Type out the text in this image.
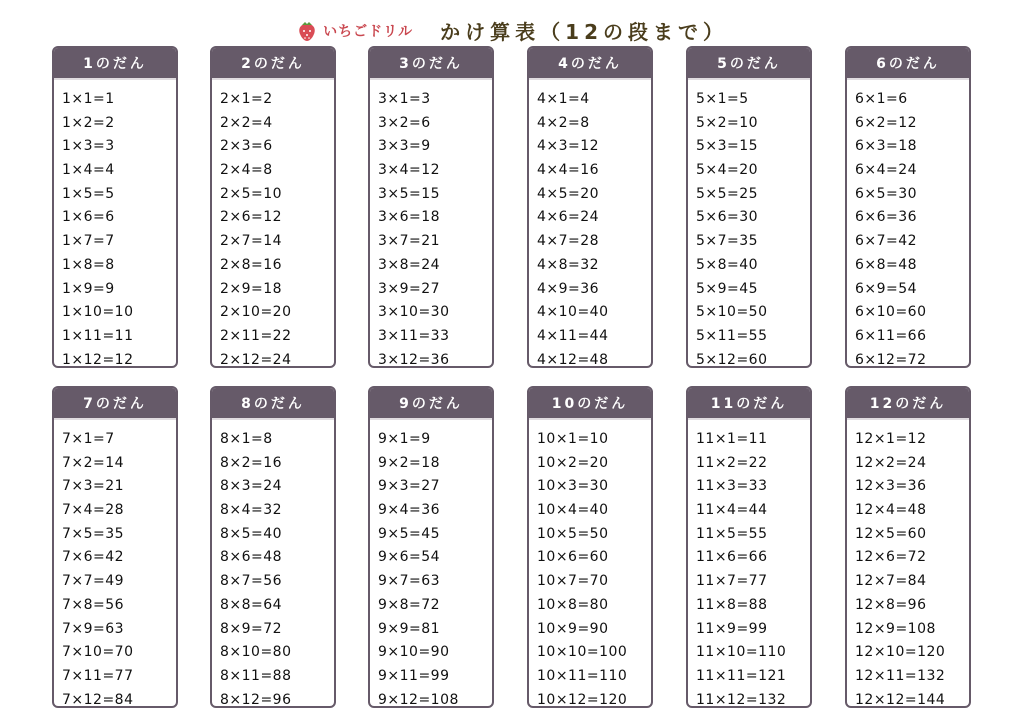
いちごドリル かけ算表（12の段まで）
1のだん
1×1=1
1×2=2
1×3=3
1×4=4
1×5=5
1×6=6
1×7=7
1×8=8
1×9=9
1×10=10
1×11=11
1×12=12
2のだん
2×1=2
2×2=4
2×3=6
2×4=8
2×5=10
2×6=12
2×7=14
2×8=16
2×9=18
2×10=20
2×11=22
2×12=24
3のだん
3×1=3
3×2=6
3×3=9
3×4=12
3×5=15
3×6=18
3×7=21
3×8=24
3×9=27
3×10=30
3×11=33
3×12=36
4のだん
4×1=4
4×2=8
4×3=12
4×4=16
4×5=20
4×6=24
4×7=28
4×8=32
4×9=36
4×10=40
4×11=44
4×12=48
5のだん
5×1=5
5×2=10
5×3=15
5×4=20
5×5=25
5×6=30
5×7=35
5×8=40
5×9=45
5×10=50
5×11=55
5×12=60
6のだん
6×1=6
6×2=12
6×3=18
6×4=24
6×5=30
6×6=36
6×7=42
6×8=48
6×9=54
6×10=60
6×11=66
6×12=72
7のだん
7×1=7
7×2=14
7×3=21
7×4=28
7×5=35
7×6=42
7×7=49
7×8=56
7×9=63
7×10=70
7×11=77
7×12=84
8のだん
8×1=8
8×2=16
8×3=24
8×4=32
8×5=40
8×6=48
8×7=56
8×8=64
8×9=72
8×10=80
8×11=88
8×12=96
9のだん
9×1=9
9×2=18
9×3=27
9×4=36
9×5=45
9×6=54
9×7=63
9×8=72
9×9=81
9×10=90
9×11=99
9×12=108
10のだん
10×1=10
10×2=20
10×3=30
10×4=40
10×5=50
10×6=60
10×7=70
10×8=80
10×9=90
10×10=100
10×11=110
10×12=120
11のだん
11×1=11
11×2=22
11×3=33
11×4=44
11×5=55
11×6=66
11×7=77
11×8=88
11×9=99
11×10=110
11×11=121
11×12=132
12のだん
12×1=12
12×2=24
12×3=36
12×4=48
12×5=60
12×6=72
12×7=84
12×8=96
12×9=108
12×10=120
12×11=132
12×12=144
